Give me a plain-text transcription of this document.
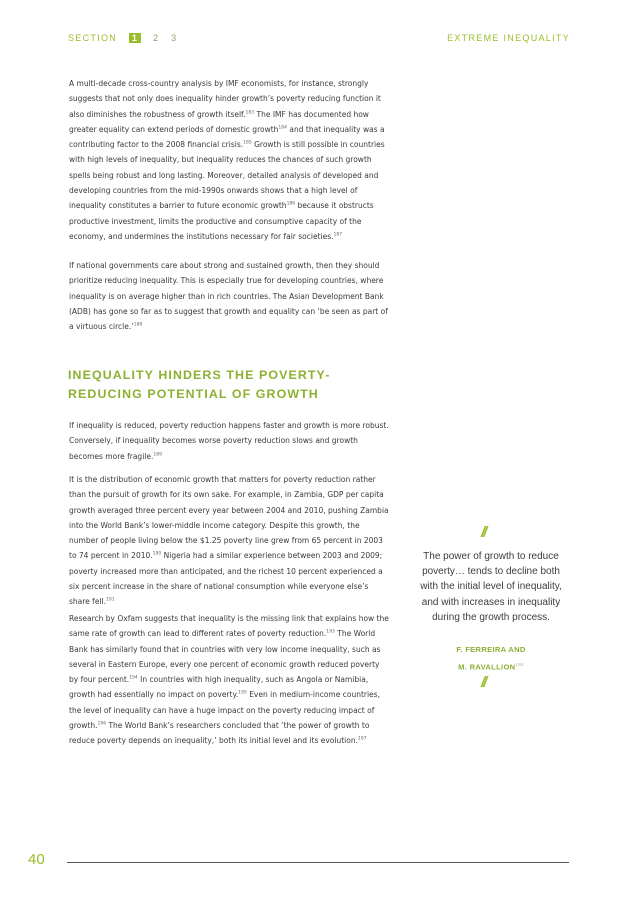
SECTION 1 2 3	EXTREME INEQUALITY

A multi-decade cross-country analysis by IMF economists, for instance, strongly suggests that not only does inequality hinder growth’s poverty reducing function it also diminishes the robustness of growth itself.$^{183}$ The IMF has documented how greater equality can extend periods of domestic growth$^{184}$ and that inequality was a contributing factor to the 2008 financial crisis.$^{185}$ Growth is still possible in countries with high levels of inequality, but inequality reduces the chances of such growth spells being robust and long lasting. Moreover, detailed analysis of developed and developing countries from the mid-1990s onwards shows that a high level of inequality constitutes a barrier to future economic growth$^{186}$ because it obstructs productive investment, limits the productive and consumptive capacity of the economy, and undermines the institutions necessary for fair societies.$^{187}$

If national governments care about strong and sustained growth, then they should prioritize reducing inequality. This is especially true for developing countries, where inequality is on average higher than in rich countries. The Asian Development Bank (ADB) has gone so far as to suggest that growth and equality can ‘be seen as part of a virtuous circle.’$^{188}$

INEQUALITY HINDERS THE POVERTY-REDUCING POTENTIAL OF GROWTH

If inequality is reduced, poverty reduction happens faster and growth is more robust. Conversely, if inequality becomes worse poverty reduction slows and growth becomes more fragile.$^{189}$

It is the distribution of economic growth that matters for poverty reduction rather than the pursuit of growth for its own sake. For example, in Zambia, GDP per capita growth averaged three percent every year between 2004 and 2010, pushing Zambia into the World Bank’s lower-middle income category. Despite this growth, the number of people living below the $1.25 poverty line grew from 65 percent in 2003 to 74 percent in 2010.$^{190}$ Nigeria had a similar experience between 2003 and 2009; poverty increased more than anticipated, and the richest 10 percent experienced a six percent increase in the share of national consumption while everyone else’s share fell.$^{191}$

Research by Oxfam suggests that inequality is the missing link that explains how the same rate of growth can lead to different rates of poverty reduction.$^{193}$ The World Bank has similarly found that in countries with very low income inequality, such as several in Eastern Europe, every one percent of economic growth reduced poverty by four percent.$^{194}$ In countries with high inequality, such as Angola or Namibia, growth had essentially no impact on poverty.$^{195}$ Even in medium-income countries, the level of inequality can have a huge impact on the poverty reducing impact of growth.$^{196}$ The World Bank’s researchers concluded that ‘the power of growth to reduce poverty depends on inequality,’ both its initial level and its evolution.$^{197}$

//
The power of growth to reduce poverty… tends to decline both with the initial level of inequality, and with increases in inequality during the growth process.
F. FERREIRA AND
M. RAVALLION$^{192}$
//
40
